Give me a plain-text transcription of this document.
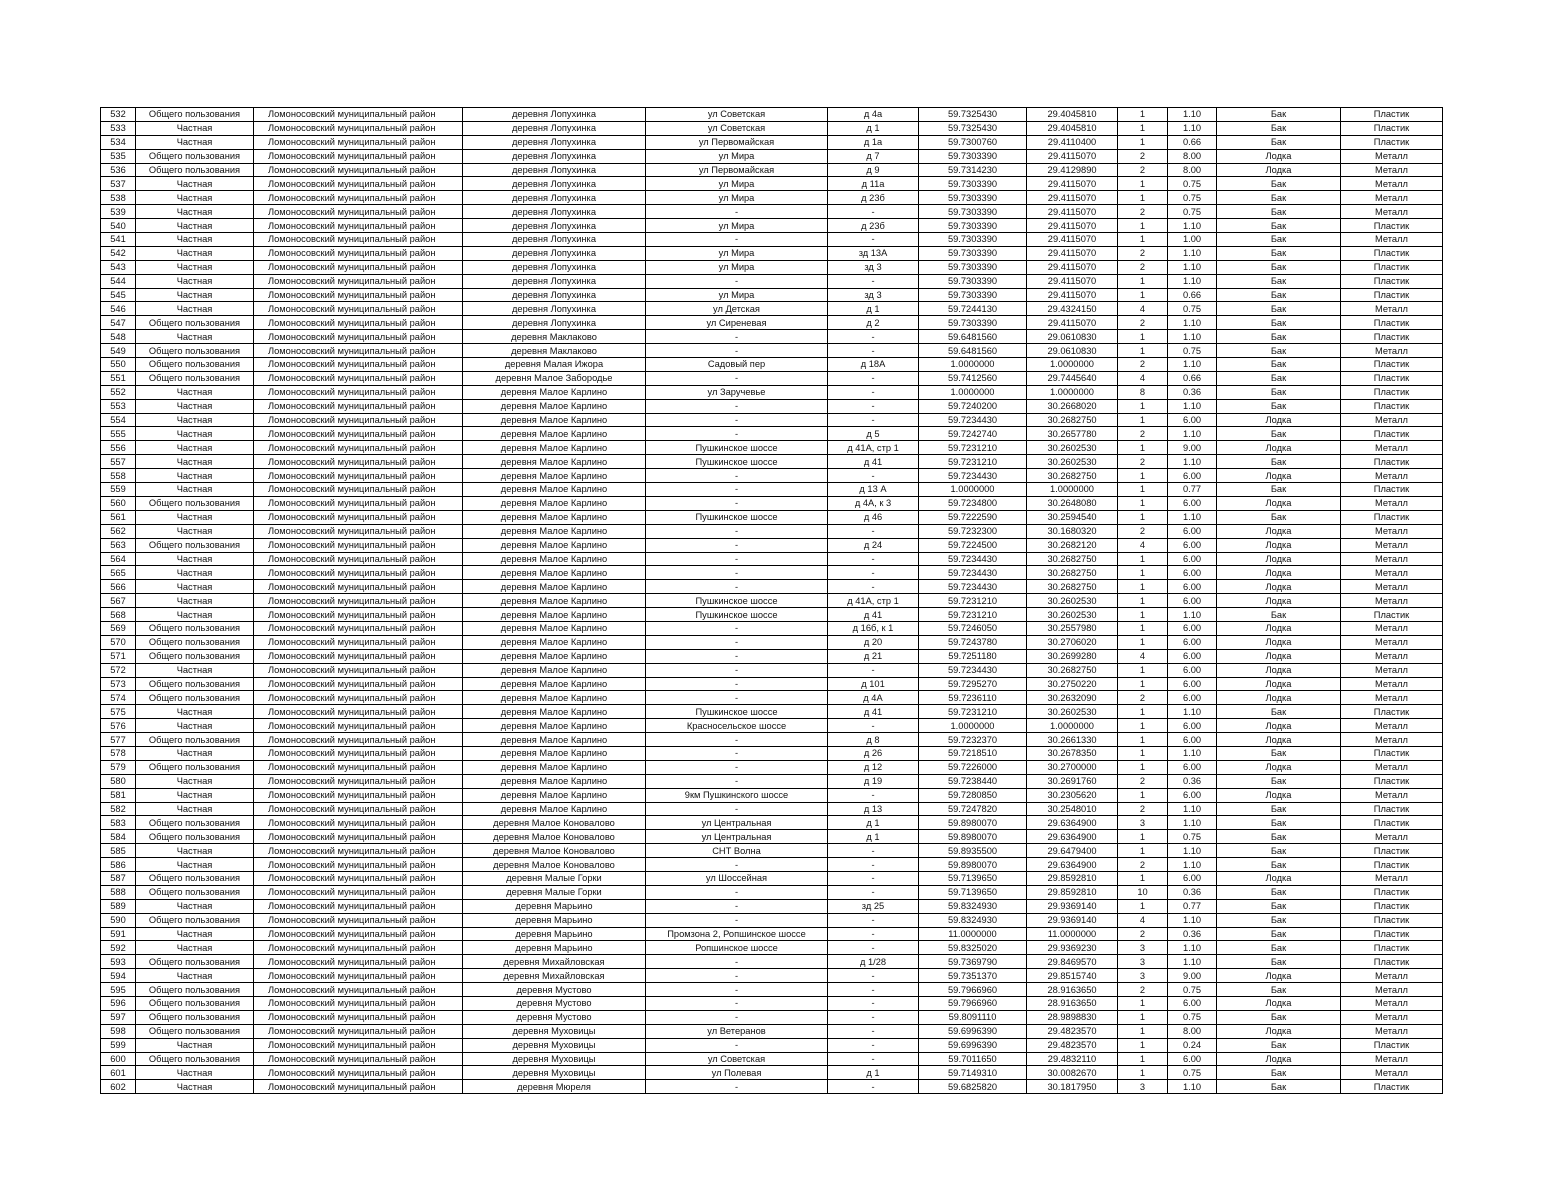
532	Общего пользования	Ломоносовский муниципальный район	деревня Лопухинка	ул Советская	д 4а	59.7325430	29.4045810	1	1.10	Бак	Пластик
533	Частная	Ломоносовский муниципальный район	деревня Лопухинка	ул Советская	д 1	59.7325430	29.4045810	1	1.10	Бак	Пластик
534	Частная	Ломоносовский муниципальный район	деревня Лопухинка	ул Первомайская	д 1а	59.7300760	29.4110400	1	0.66	Бак	Пластик
535	Общего пользования	Ломоносовский муниципальный район	деревня Лопухинка	ул Мира	д 7	59.7303390	29.4115070	2	8.00	Лодка	Металл
536	Общего пользования	Ломоносовский муниципальный район	деревня Лопухинка	ул Первомайская	д 9	59.7314230	29.4129890	2	8.00	Лодка	Металл
537	Частная	Ломоносовский муниципальный район	деревня Лопухинка	ул Мира	д 11а	59.7303390	29.4115070	1	0.75	Бак	Металл
538	Частная	Ломоносовский муниципальный район	деревня Лопухинка	ул Мира	д 23б	59.7303390	29.4115070	1	0.75	Бак	Металл
539	Частная	Ломоносовский муниципальный район	деревня Лопухинка	-	-	59.7303390	29.4115070	2	0.75	Бак	Металл
540	Частная	Ломоносовский муниципальный район	деревня Лопухинка	ул Мира	д 23б	59.7303390	29.4115070	1	1.10	Бак	Пластик
541	Частная	Ломоносовский муниципальный район	деревня Лопухинка	-	-	59.7303390	29.4115070	1	1.00	Бак	Металл
542	Частная	Ломоносовский муниципальный район	деревня Лопухинка	ул Мира	зд 13А	59.7303390	29.4115070	2	1.10	Бак	Пластик
543	Частная	Ломоносовский муниципальный район	деревня Лопухинка	ул Мира	зд 3	59.7303390	29.4115070	2	1.10	Бак	Пластик
544	Частная	Ломоносовский муниципальный район	деревня Лопухинка	-	-	59.7303390	29.4115070	1	1.10	Бак	Пластик
545	Частная	Ломоносовский муниципальный район	деревня Лопухинка	ул Мира	зд 3	59.7303390	29.4115070	1	0.66	Бак	Пластик
546	Частная	Ломоносовский муниципальный район	деревня Лопухинка	ул Детская	д 1	59.7244130	29.4324150	4	0.75	Бак	Металл
547	Общего пользования	Ломоносовский муниципальный район	деревня Лопухинка	ул Сиреневая	д 2	59.7303390	29.4115070	2	1.10	Бак	Пластик
548	Частная	Ломоносовский муниципальный район	деревня Маклаково	-	-	59.6481560	29.0610830	1	1.10	Бак	Пластик
549	Общего пользования	Ломоносовский муниципальный район	деревня Маклаково	-	-	59.6481560	29.0610830	1	0.75	Бак	Металл
550	Общего пользования	Ломоносовский муниципальный район	деревня Малая Ижора	Садовый пер	д 18А	1.0000000	1.0000000	2	1.10	Бак	Пластик
551	Общего пользования	Ломоносовский муниципальный район	деревня Малое Забородье	-	-	59.7412560	29.7445640	4	0.66	Бак	Пластик
552	Частная	Ломоносовский муниципальный район	деревня Малое Карлино	ул Заручевье	-	1.0000000	1.0000000	8	0.36	Бак	Пластик
553	Частная	Ломоносовский муниципальный район	деревня Малое Карлино	-	-	59.7240200	30.2668020	1	1.10	Бак	Пластик
554	Частная	Ломоносовский муниципальный район	деревня Малое Карлино	-	-	59.7234430	30.2682750	1	6.00	Лодка	Металл
555	Частная	Ломоносовский муниципальный район	деревня Малое Карлино	-	д 5	59.7242740	30.2657780	2	1.10	Бак	Пластик
556	Частная	Ломоносовский муниципальный район	деревня Малое Карлино	Пушкинское шоссе	д 41А, стр 1	59.7231210	30.2602530	1	9.00	Лодка	Металл
557	Частная	Ломоносовский муниципальный район	деревня Малое Карлино	Пушкинское шоссе	д 41	59.7231210	30.2602530	2	1.10	Бак	Пластик
558	Частная	Ломоносовский муниципальный район	деревня Малое Карлино	-	-	59.7234430	30.2682750	1	6.00	Лодка	Металл
559	Частная	Ломоносовский муниципальный район	деревня Малое Карлино	-	д 13 А	1.0000000	1.0000000	1	0.77	Бак	Пластик
560	Общего пользования	Ломоносовский муниципальный район	деревня Малое Карлино	-	д 4А, к 3	59.7234800	30.2648080	1	6.00	Лодка	Металл
561	Частная	Ломоносовский муниципальный район	деревня Малое Карлино	Пушкинское шоссе	д 46	59.7222590	30.2594540	1	1.10	Бак	Пластик
562	Частная	Ломоносовский муниципальный район	деревня Малое Карлино	-	-	59.7232300	30.1680320	2	6.00	Лодка	Металл
563	Общего пользования	Ломоносовский муниципальный район	деревня Малое Карлино	-	д 24	59.7224500	30.2682120	4	6.00	Лодка	Металл
564	Частная	Ломоносовский муниципальный район	деревня Малое Карлино	-	-	59.7234430	30.2682750	1	6.00	Лодка	Металл
565	Частная	Ломоносовский муниципальный район	деревня Малое Карлино	-	-	59.7234430	30.2682750	1	6.00	Лодка	Металл
566	Частная	Ломоносовский муниципальный район	деревня Малое Карлино	-	-	59.7234430	30.2682750	1	6.00	Лодка	Металл
567	Частная	Ломоносовский муниципальный район	деревня Малое Карлино	Пушкинское шоссе	д 41А, стр 1	59.7231210	30.2602530	1	6.00	Лодка	Металл
568	Частная	Ломоносовский муниципальный район	деревня Малое Карлино	Пушкинское шоссе	д 41	59.7231210	30.2602530	1	1.10	Бак	Пластик
569	Общего пользования	Ломоносовский муниципальный район	деревня Малое Карлино	-	д 16б, к 1	59.7246050	30.2557980	1	6.00	Лодка	Металл
570	Общего пользования	Ломоносовский муниципальный район	деревня Малое Карлино	-	д 20	59.7243780	30.2706020	1	6.00	Лодка	Металл
571	Общего пользования	Ломоносовский муниципальный район	деревня Малое Карлино	-	д 21	59.7251180	30.2699280	4	6.00	Лодка	Металл
572	Частная	Ломоносовский муниципальный район	деревня Малое Карлино	-	-	59.7234430	30.2682750	1	6.00	Лодка	Металл
573	Общего пользования	Ломоносовский муниципальный район	деревня Малое Карлино	-	д 101	59.7295270	30.2750220	1	6.00	Лодка	Металл
574	Общего пользования	Ломоносовский муниципальный район	деревня Малое Карлино	-	д 4А	59.7236110	30.2632090	2	6.00	Лодка	Металл
575	Частная	Ломоносовский муниципальный район	деревня Малое Карлино	Пушкинское шоссе	д 41	59.7231210	30.2602530	1	1.10	Бак	Пластик
576	Частная	Ломоносовский муниципальный район	деревня Малое Карлино	Красносельское шоссе	-	1.0000000	1.0000000	1	6.00	Лодка	Металл
577	Общего пользования	Ломоносовский муниципальный район	деревня Малое Карлино	-	д 8	59.7232370	30.2661330	1	6.00	Лодка	Металл
578	Частная	Ломоносовский муниципальный район	деревня Малое Карлино	-	д 26	59.7218510	30.2678350	1	1.10	Бак	Пластик
579	Общего пользования	Ломоносовский муниципальный район	деревня Малое Карлино	-	д 12	59.7226000	30.2700000	1	6.00	Лодка	Металл
580	Частная	Ломоносовский муниципальный район	деревня Малое Карлино	-	д 19	59.7238440	30.2691760	2	0.36	Бак	Пластик
581	Частная	Ломоносовский муниципальный район	деревня Малое Карлино	9км Пушкинского шоссе	-	59.7280850	30.2305620	1	6.00	Лодка	Металл
582	Частная	Ломоносовский муниципальный район	деревня Малое Карлино	-	д 13	59.7247820	30.2548010	2	1.10	Бак	Пластик
583	Общего пользования	Ломоносовский муниципальный район	деревня Малое Коновалово	ул Центральная	д 1	59.8980070	29.6364900	3	1.10	Бак	Пластик
584	Общего пользования	Ломоносовский муниципальный район	деревня Малое Коновалово	ул Центральная	д 1	59.8980070	29.6364900	1	0.75	Бак	Металл
585	Частная	Ломоносовский муниципальный район	деревня Малое Коновалово	СНТ Волна	-	59.8935500	29.6479400	1	1.10	Бак	Пластик
586	Частная	Ломоносовский муниципальный район	деревня Малое Коновалово	-	-	59.8980070	29.6364900	2	1.10	Бак	Пластик
587	Общего пользования	Ломоносовский муниципальный район	деревня Малые Горки	ул Шоссейная	-	59.7139650	29.8592810	1	6.00	Лодка	Металл
588	Общего пользования	Ломоносовский муниципальный район	деревня Малые Горки	-	-	59.7139650	29.8592810	10	0.36	Бак	Пластик
589	Частная	Ломоносовский муниципальный район	деревня Марьино	-	зд 25	59.8324930	29.9369140	1	0.77	Бак	Пластик
590	Общего пользования	Ломоносовский муниципальный район	деревня Марьино	-	-	59.8324930	29.9369140	4	1.10	Бак	Пластик
591	Частная	Ломоносовский муниципальный район	деревня Марьино	Промзона 2, Ропшинское шоссе	-	11.0000000	11.0000000	2	0.36	Бак	Пластик
592	Частная	Ломоносовский муниципальный район	деревня Марьино	Ропшинское шоссе	-	59.8325020	29.9369230	3	1.10	Бак	Пластик
593	Общего пользования	Ломоносовский муниципальный район	деревня Михайловская	-	д 1/28	59.7369790	29.8469570	3	1.10	Бак	Пластик
594	Частная	Ломоносовский муниципальный район	деревня Михайловская	-	-	59.7351370	29.8515740	3	9.00	Лодка	Металл
595	Общего пользования	Ломоносовский муниципальный район	деревня Мустово	-	-	59.7966960	28.9163650	2	0.75	Бак	Металл
596	Общего пользования	Ломоносовский муниципальный район	деревня Мустово	-	-	59.7966960	28.9163650	1	6.00	Лодка	Металл
597	Общего пользования	Ломоносовский муниципальный район	деревня Мустово	-	-	59.8091110	28.9898830	1	0.75	Бак	Металл
598	Общего пользования	Ломоносовский муниципальный район	деревня Муховицы	ул Ветеранов	-	59.6996390	29.4823570	1	8.00	Лодка	Металл
599	Частная	Ломоносовский муниципальный район	деревня Муховицы	-	-	59.6996390	29.4823570	1	0.24	Бак	Пластик
600	Общего пользования	Ломоносовский муниципальный район	деревня Муховицы	ул Советская	-	59.7011650	29.4832110	1	6.00	Лодка	Металл
601	Частная	Ломоносовский муниципальный район	деревня Муховицы	ул Полевая	д 1	59.7149310	30.0082670	1	0.75	Бак	Металл
602	Частная	Ломоносовский муниципальный район	деревня Мюреля	-	-	59.6825820	30.1817950	3	1.10	Бак	Пластик
